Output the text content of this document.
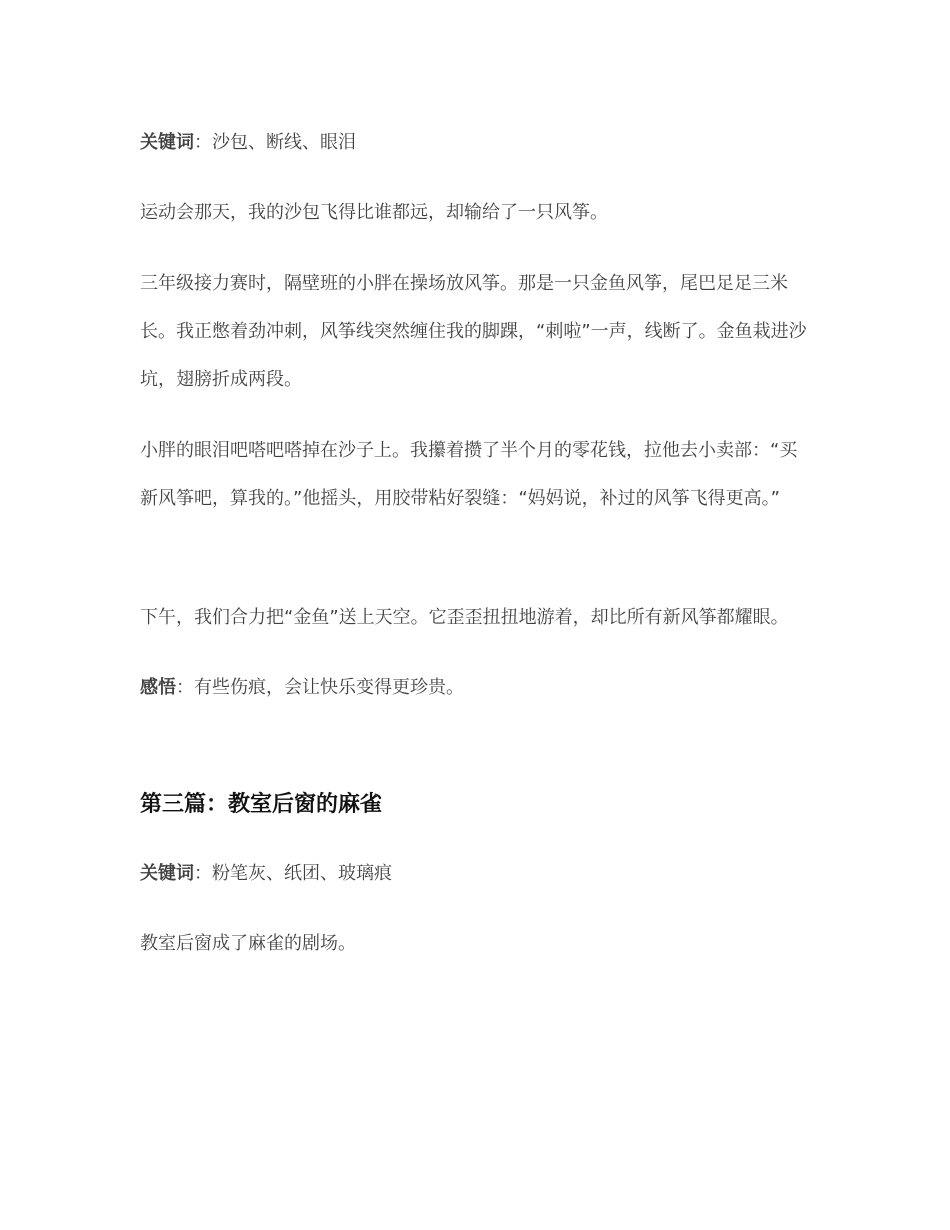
关键词：沙包、断线、眼泪

运动会那天，我的沙包飞得比谁都远，却输给了一只风筝。

三年级接力赛时，隔壁班的小胖在操场放风筝。那是一只金鱼风筝，尾巴足足三米长。我正憋着劲冲刺，风筝线突然缠住我的脚踝，“刺啦”一声，线断了。金鱼栽进沙坑，翅膀折成两段。

小胖的眼泪吧嗒吧嗒掉在沙子上。我攥着攒了半个月的零花钱，拉他去小卖部：“买新风筝吧，算我的。”他摇头，用胶带粘好裂缝：“妈妈说，补过的风筝飞得更高。”

下午，我们合力把“金鱼”送上天空。它歪歪扭扭地游着，却比所有新风筝都耀眼。

感悟：有些伤痕，会让快乐变得更珍贵。

第三篇：教室后窗的麻雀

关键词：粉笔灰、纸团、玻璃痕

教室后窗成了麻雀的剧场。
